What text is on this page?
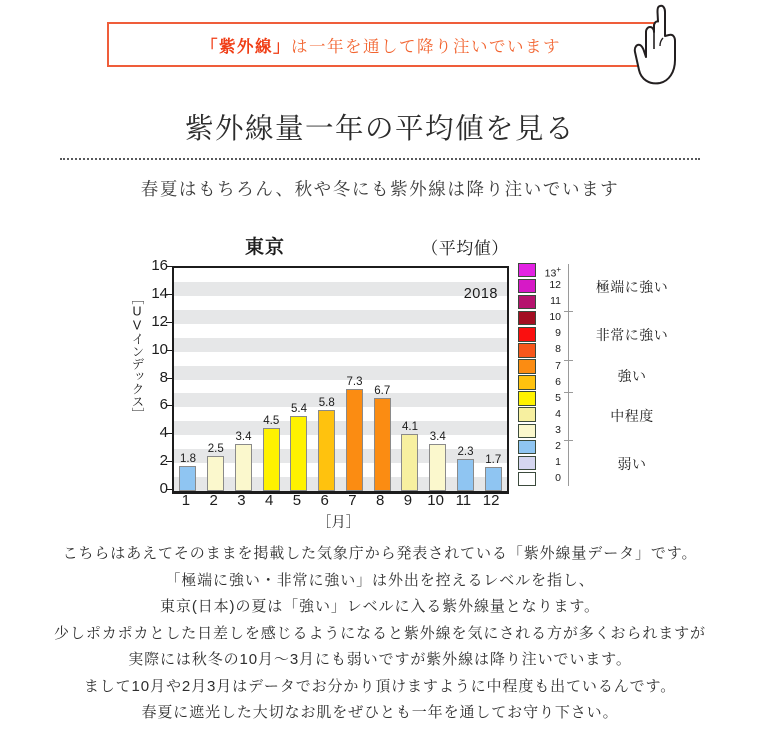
「紫外線」は一年を通して降り注いでいます
紫外線量一年の平均値を見る
春夏はもちろん、秋や冬にも紫外線は降り注いでいます
東京	（平均値）
［UVインデックス］
0
2
4
6
8
10
12
14
16
2018
1.8
2.5
3.4
4.5
5.4	5.8
7.3
6.7
4.1
3.4
2.3
1.7
1	2	3	4	5	6	7	8	9	10 11 12
［月］
13+
12
11
10
9
8
7
6
5
4
3
2
1
0
極端に強い
非常に強い
強い
中程度
弱い
こちらはあえてそのままを掲載した気象庁から発表されている「紫外線量データ」です。
「極端に強い・非常に強い」は外出を控えるレベルを指し、
東京(日本)の夏は「強い」レベルに入る紫外線量となります。
少しポカポカとした日差しを感じるようになると紫外線を気にされる方が多くおられますが
実際には秋冬の10月～3月にも弱いですが紫外線は降り注いでいます。
まして10月や2月3月はデータでお分かり頂けますように中程度も出ているんです。
春夏に遮光した大切なお肌をぜひとも一年を通してお守り下さい。
